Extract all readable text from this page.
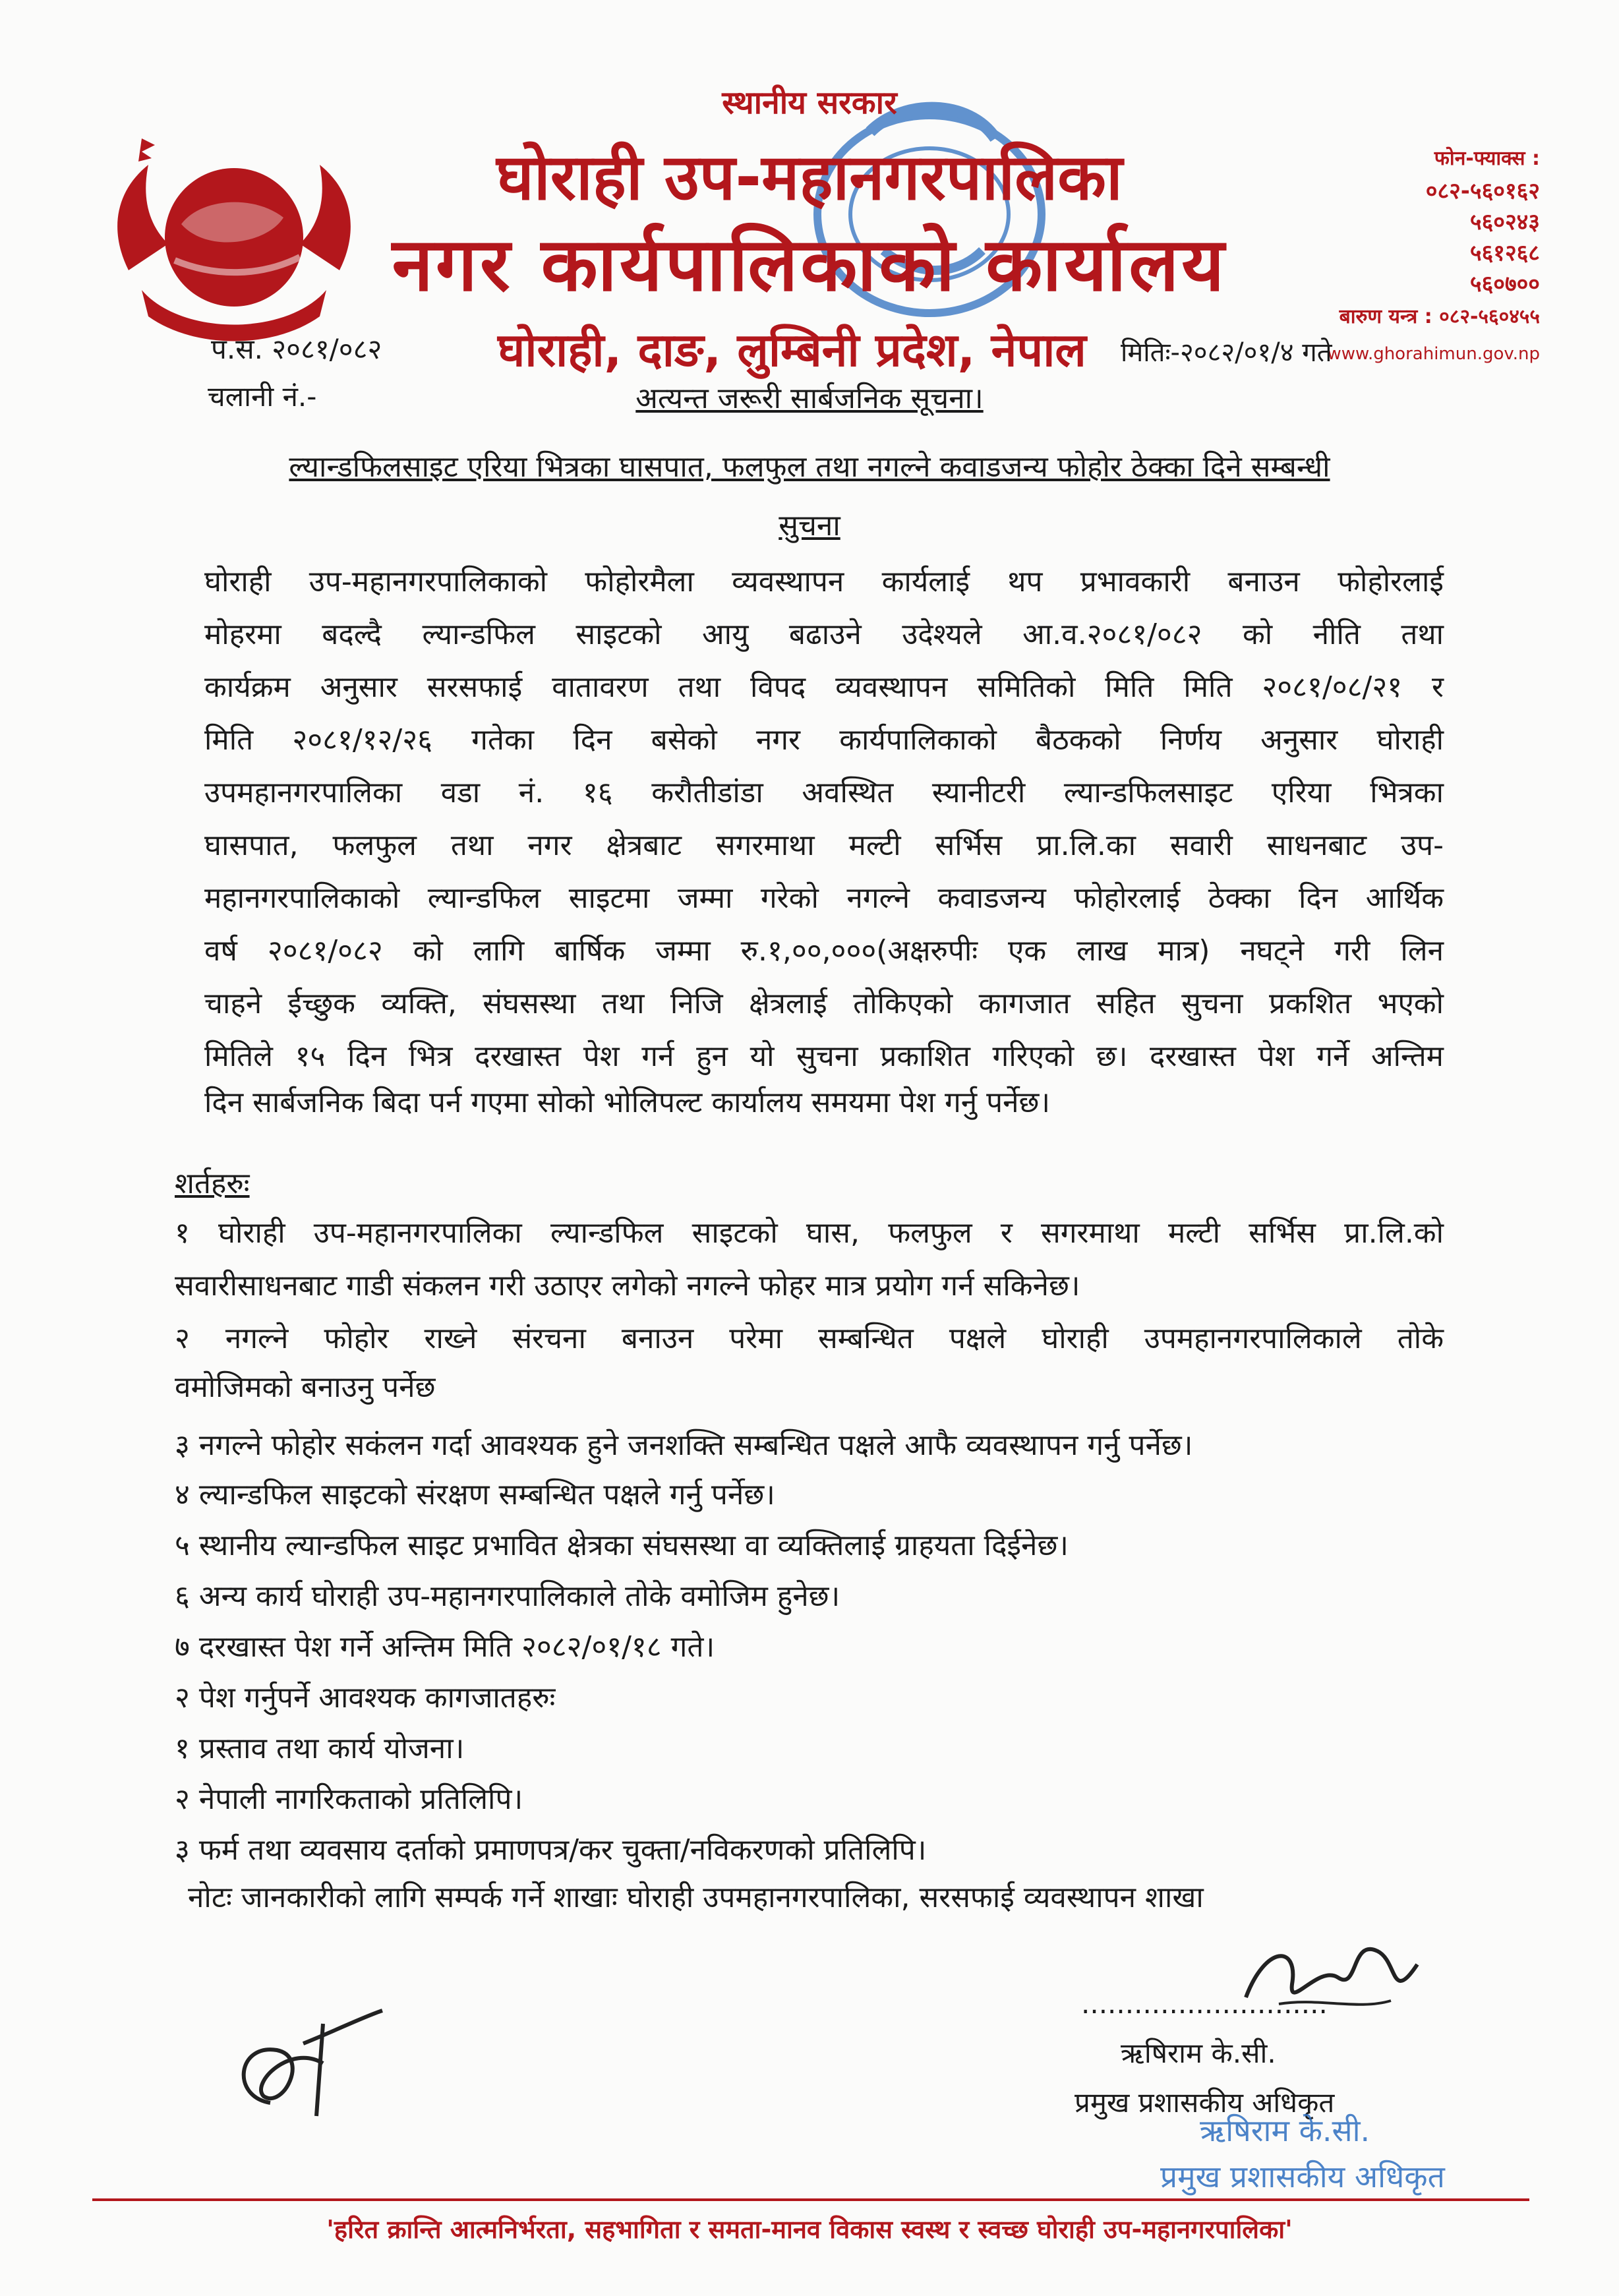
स्थानीय सरकार
घोराही उप-महानगरपालिका
नगर कार्यपालिकाको कार्यालय
घोराही, दाङ, लुम्बिनी प्रदेश, नेपाल
फोन-फ्याक्स :
०८२-५६०१६२
५६०२४३
५६१२६८
५६०७००
बारुण यन्त्र : ०८२-५६०४५५
www.ghorahimun.gov.np
प.स. २०८१/०८२	मितिः-२०८२/०१/४ गते
चलानी नं.-	अत्यन्त जरूरी सार्बजनिक सूचना।
ल्यान्डफिलसाइट एरिया भित्रका घासपात, फलफुल तथा नगल्ने कवाडजन्य फोहोर ठेक्का दिने सम्बन्धी
सुचना
घोराही उप-महानगरपालिकाको फोहोरमैला व्यवस्थापन कार्यलाई थप प्रभावकारी बनाउन फोहोरलाई
मोहरमा बदल्दै ल्यान्डफिल साइटको आयु बढाउने उदेश्यले आ.व.२०८१/०८२ को नीति तथा
कार्यक्रम अनुसार सरसफाई वातावरण तथा विपद व्यवस्थापन समितिको मिति मिति २०८१/०८/२१ र
मिति २०८१/१२/२६ गतेका दिन बसेको नगर कार्यपालिकाको बैठकको निर्णय अनुसार घोराही
उपमहानगरपालिका वडा नं. १६ करौतीडांडा अवस्थित स्यानीटरी ल्यान्डफिलसाइट एरिया भित्रका
घासपात, फलफुल तथा नगर क्षेत्रबाट सगरमाथा मल्टी सर्भिस प्रा.लि.का सवारी साधनबाट उप-
महानगरपालिकाको ल्यान्डफिल साइटमा जम्मा गरेको नगल्ने कवाडजन्य फोहोरलाई ठेक्का दिन आर्थिक
वर्ष २०८१/०८२ को लागि बार्षिक जम्मा रु.१,००,०००(अक्षरुपीः एक लाख मात्र) नघट्ने गरी लिन
चाहने ईच्छुक व्यक्ति, संघसस्था तथा निजि क्षेत्रलाई तोकिएको कागजात सहित सुचना प्रकशित भएको
मितिले १५ दिन भित्र दरखास्त पेश गर्न हुन यो सुचना प्रकाशित गरिएको छ। दरखास्त पेश गर्ने अन्तिम
दिन सार्बजनिक बिदा पर्न गएमा सोको भोलिपल्ट कार्यालय समयमा पेश गर्नु पर्नेछ।
शर्तहरुः
१ घोराही उप-महानगरपालिका ल्यान्डफिल साइटको घास, फलफुल र सगरमाथा मल्टी सर्भिस प्रा.लि.को
सवारीसाधनबाट गाडी संकलन गरी उठाएर लगेको नगल्ने फोहर मात्र प्रयोग गर्न सकिनेछ।
२ नगल्ने फोहोर राख्ने संरचना बनाउन परेमा सम्बन्धित पक्षले घोराही उपमहानगरपालिकाले तोके
वमोजिमको बनाउनु पर्नेछ
३ नगल्ने फोहोर सकंलन गर्दा आवश्यक हुने जनशक्ति सम्बन्धित पक्षले आफै व्यवस्थापन गर्नु पर्नेछ।
४ ल्यान्डफिल साइटको संरक्षण सम्बन्धित पक्षले गर्नु पर्नेछ।
५ स्थानीय ल्यान्डफिल साइट प्रभावित क्षेत्रका संघसस्था वा व्यक्तिलाई ग्राहयता दिईनेछ।
६ अन्य कार्य घोराही उप-महानगरपालिकाले तोके वमोजिम हुनेछ।
७ दरखास्त पेश गर्ने अन्तिम मिति २०८२/०१/१८ गते।
२ पेश गर्नुपर्ने आवश्यक कागजातहरुः
१ प्रस्ताव तथा कार्य योजना।
२ नेपाली नागरिकताको प्रतिलिपि।
३ फर्म तथा व्यवसाय दर्ताको प्रमाणपत्र/कर चुक्ता/नविकरणको प्रतिलिपि।
नोटः जानकारीको लागि सम्पर्क गर्ने शाखाः घोराही उपमहानगरपालिका, सरसफाई व्यवस्थापन शाखा
............................
ऋषिराम के.सी.
प्रमुख प्रशासकीय अधिकृत
ऋषिराम के.सी.
प्रमुख प्रशासकीय अधिकृत
'हरित क्रान्ति आत्मनिर्भरता, सहभागिता र समता-मानव विकास स्वस्थ र स्वच्छ घोराही उप-महानगरपालिका'
